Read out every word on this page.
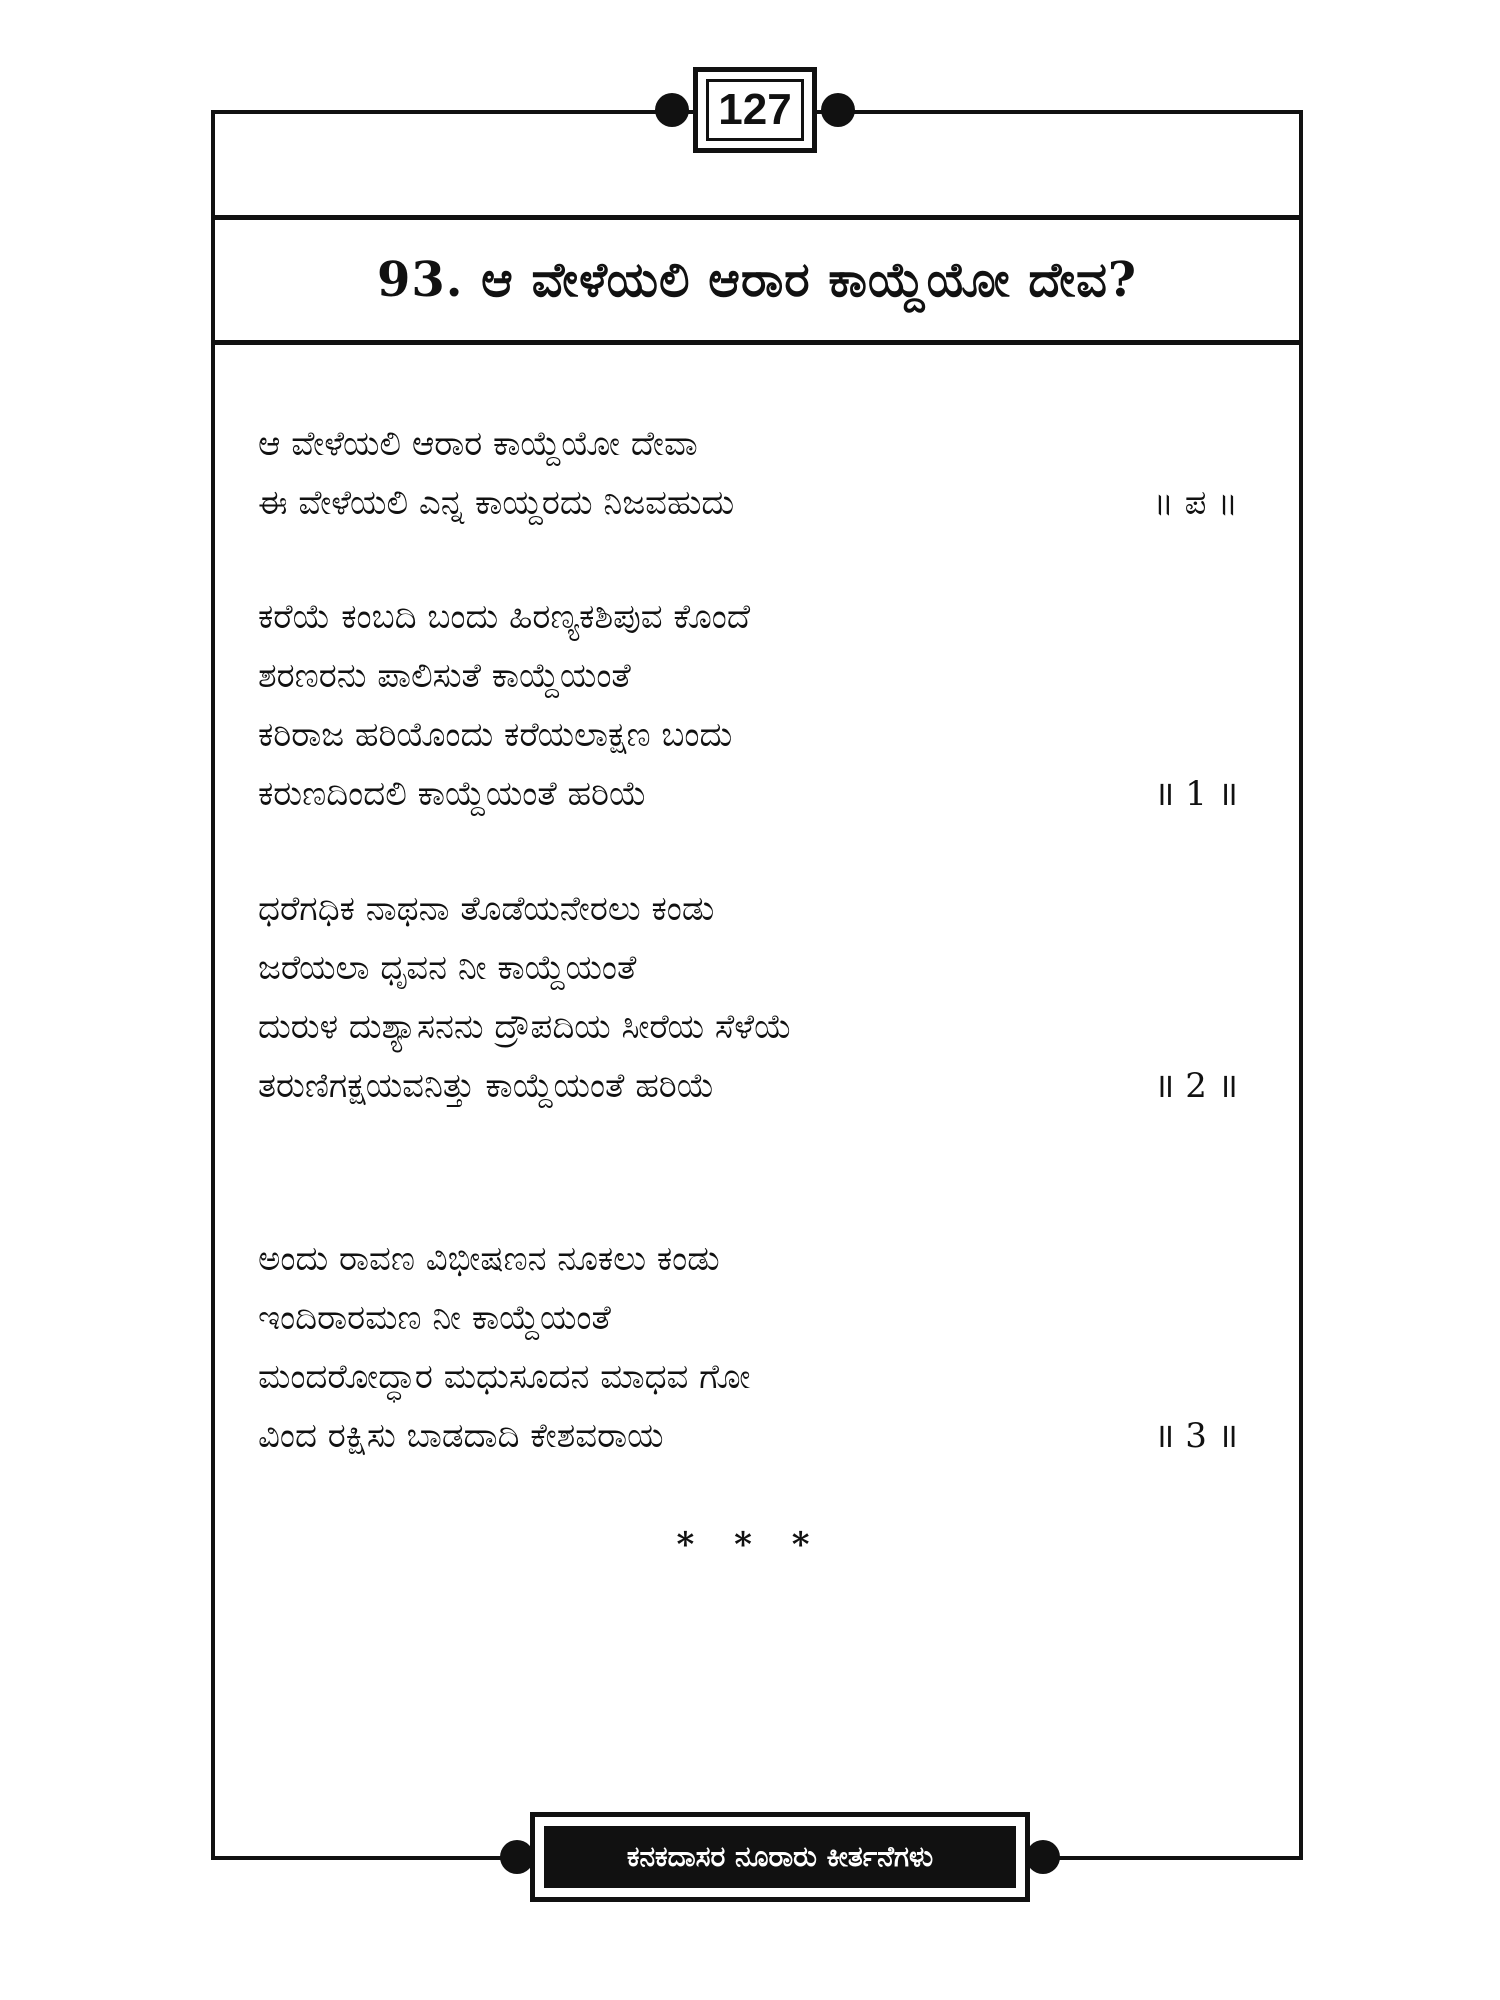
127
93. ಆ ವೇಳೆಯಲಿ ಆರಾರ ಕಾಯ್ದೆಯೋ ದೇವ?
ಆ ವೇಳೆಯಲಿ ಆರಾರ ಕಾಯ್ದೆಯೋ ದೇವಾ
ಈ ವೇಳೆಯಲಿ ಎನ್ನ ಕಾಯ್ದರದು ನಿಜವಹುದು	॥ ಪ ॥
ಕರೆಯೆ ಕಂಬದಿ ಬಂದು ಹಿರಣ್ಯಕಶಿಪುವ ಕೊಂದೆ
ಶರಣರನು ಪಾಲಿಸುತೆ ಕಾಯ್ದೆಯಂತೆ
ಕರಿರಾಜ ಹರಿಯೊಂದು ಕರೆಯಲಾಕ್ಷಣ ಬಂದು
ಕರುಣದಿಂದಲಿ ಕಾಯ್ದೆಯಂತೆ ಹರಿಯೆ	॥ 1 ॥
ಧರೆಗಧಿಕ ನಾಥನಾ ತೊಡೆಯನೇರಲು ಕಂಡು
ಜರೆಯಲಾ ಧೃವನ ನೀ ಕಾಯ್ದೆಯಂತೆ
ದುರುಳ ದುಶ್ಯಾಸನನು ದ್ರೌಪದಿಯ ಸೀರೆಯ ಸೆಳೆಯೆ
ತರುಣಿಗಕ್ಷಯವನಿತ್ತು ಕಾಯ್ದೆಯಂತೆ ಹರಿಯೆ	॥ 2 ॥
ಅಂದು ರಾವಣ ವಿಭೀಷಣನ ನೂಕಲು ಕಂಡು
ಇಂದಿರಾರಮಣ ನೀ ಕಾಯ್ದೆಯಂತೆ
ಮಂದರೋದ್ಧಾರ ಮಧುಸೂದನ ಮಾಧವ ಗೋ
ವಿಂದ ರಕ್ಷಿಸು ಬಾಡದಾದಿ ಕೇಶವರಾಯ	॥ 3 ॥
* * *
ಕನಕದಾಸರ ನೂರಾರು ಕೀರ್ತನೆಗಳು
